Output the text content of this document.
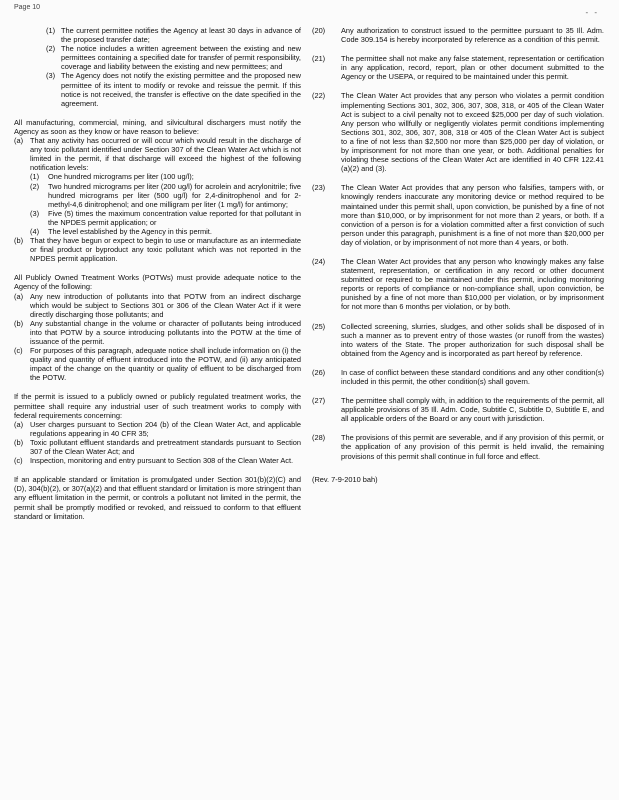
Page 10
- -
(1) The current permittee notifies the Agency at least 30 days in advance of the proposed transfer date;
(2) The notice includes a written agreement between the existing and new permittees containing a specified date for transfer of permit responsibility, coverage and liability between the existing and new permittees; and
(3) The Agency does not notify the existing permittee and the proposed new permittee of its intent to modify or revoke and reissue the permit. If this notice is not received, the transfer is effective on the date specified in the agreement.

All manufacturing, commercial, mining, and silvicultural dischargers must notify the Agency as soon as they know or have reason to believe:

(a) That any activity has occurred or will occur which would result in the discharge of any toxic pollutant identified under Section 307 of the Clean Water Act which is not limited in the permit, if that discharge will exceed the highest of the following notification levels:
(1)	One hundred micrograms per liter (100 ug/l);
(2)	Two hundred micrograms per liter (200 ug/l) for acrolein and acrylonitrile; five hundred micrograms per liter (500 ug/l) for 2,4-dinitrophenol and for 2-methyl-4,6 dinitrophenol; and one milligram per liter (1 mg/l) for antimony;
(3)	Five (5) times the maximum concentration value reported for that pollutant in the NPDES permit application; or
(4)	The level established by the Agency in this permit.
(b) That they have begun or expect to begin to use or manufacture as an intermediate or final product or byproduct any toxic pollutant which was not reported in the NPDES permit application.

All Publicly Owned Treatment Works (POTWs) must provide adequate notice to the Agency of the following:

(a) Any new introduction of pollutants into that POTW from an indirect discharge which would be subject to Sections 301 or 306 of the Clean Water Act if it were directly discharging those pollutants; and
(b) Any substantial change in the volume or character of pollutants being introduced into that POTW by a source introducing pollutants into the POTW at the time of issuance of the permit.
(c) For purposes of this paragraph, adequate notice shall include information on (i) the quality and quantity of effluent introduced into the POTW, and (ii) any anticipated impact of the change on the quantity or quality of effluent to be discharged from the POTW.

If the permit is issued to a publicly owned or publicly regulated treatment works, the permittee shall require any industrial user of such treatment works to comply with federal requirements concerning:

(a) User charges pursuant to Section 204 (b) of the Clean Water Act, and applicable regulations appearing in 40 CFR 35;
(b) Toxic pollutant effluent standards and pretreatment standards pursuant to Section 307 of the Clean Water Act; and
(c) Inspection, monitoring and entry pursuant to Section 308 of the Clean Water Act.

If an applicable standard or limitation is promulgated under Section 301(b)(2)(C) and (D), 304(b)(2), or 307(a)(2) and that effluent standard or limitation is more stringent than any effluent limitation in the permit, or controls a pollutant not limited in the permit, the permit shall be promptly modified or revoked, and reissued to conform to that effluent standard or limitation.

(20)	Any authorization to construct issued to the permittee pursuant to 35 Ill. Adm. Code 309.154 is hereby incorporated by reference as a condition of this permit.
(21)	The permittee shall not make any false statement, representation or certification in any application, record, report, plan or other document submitted to the Agency or the USEPA, or required to be maintained under this permit.
(22)	The Clean Water Act provides that any person who violates a permit condition implementing Sections 301, 302, 306, 307, 308, 318, or 405 of the Clean Water Act is subject to a civil penalty not to exceed $25,000 per day of such violation. Any person who willfully or negligently violates permit conditions implementing Sections 301, 302, 306, 307, 308, 318 or 405 of the Clean Water Act is subject to a fine of not less than $2,500 nor more than $25,000 per day of violation, or by imprisonment for not more than one year, or both. Additional penalties for violating these sections of the Clean Water Act are identified in 40 CFR 122.41 (a)(2) and (3).
(23)	The Clean Water Act provides that any person who falsifies, tampers with, or knowingly renders inaccurate any monitoring device or method required to be maintained under this permit shall, upon conviction, be punished by a fine of not more than $10,000, or by imprisonment for not more than 2 years, or both. If a conviction of a person is for a violation committed after a first conviction of such person under this paragraph, punishment is a fine of not more than $20,000 per day of violation, or by imprisonment of not more than 4 years, or both.
(24)	The Clean Water Act provides that any person who knowingly makes any false statement, representation, or certification in any record or other document submitted or required to be maintained under this permit, including monitoring reports or reports of compliance or non-compliance shall, upon conviction, be punished by a fine of not more than $10,000 per violation, or by imprisonment for not more than 6 months per violation, or by both.
(25)	Collected screening, slurries, sludges, and other solids shall be disposed of in such a manner as to prevent entry of those wastes (or runoff from the wastes) into waters of the State. The proper authorization for such disposal shall be obtained from the Agency and is incorporated as part hereof by reference.
(26)	In case of conflict between these standard conditions and any other condition(s) included in this permit, the other condition(s) shall govern.
(27)	The permittee shall comply with, in addition to the requirements of the permit, all applicable provisions of 35 Ill. Adm. Code, Subtitle C, Subtitle D, Subtitle E, and all applicable orders of the Board or any court with jurisdiction.
(28)	The provisions of this permit are severable, and if any provision of this permit, or the application of any provision of this permit is held invalid, the remaining provisions of this permit shall continue in full force and effect.

(Rev. 7-9-2010 bah)
